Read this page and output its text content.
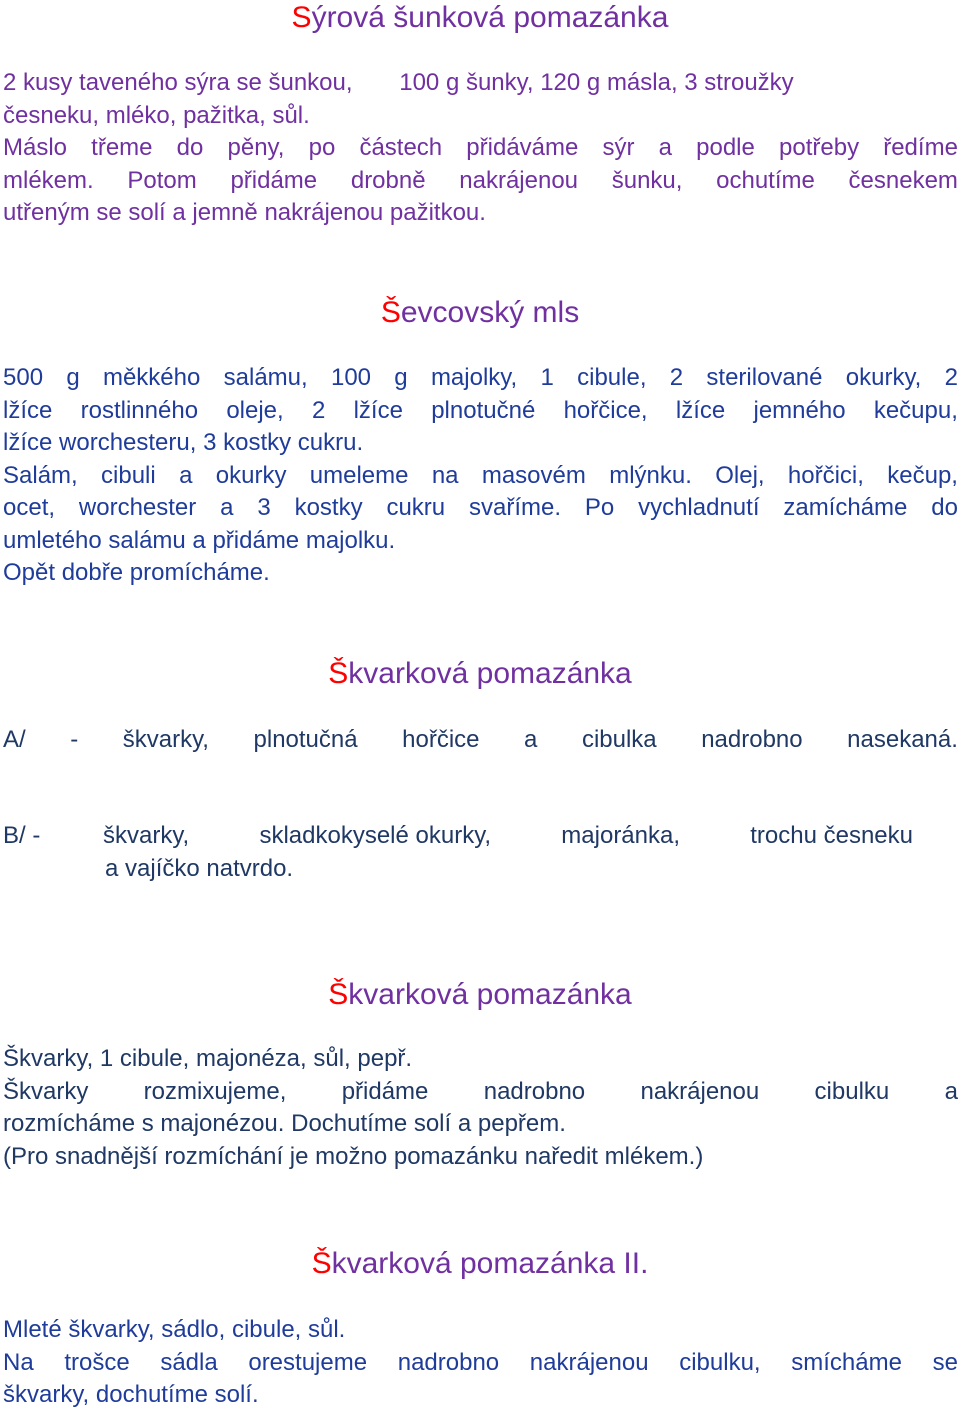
Sýrová šunková pomazánka
2 kusy taveného sýra se šunkou, 100 g šunky, 120 g másla, 3 stroužky
česneku, mléko, pažitka, sůl.
Máslo třeme do pěny, po částech přidáváme sýr a podle potřeby ředíme
mlékem. Potom přidáme drobně nakrájenou šunku, ochutíme česnekem
utřeným se solí a jemně nakrájenou pažitkou.
Ševcovský mls
500 g měkkého salámu, 100 g majolky, 1 cibule, 2 sterilované okurky, 2
lžíce rostlinného oleje, 2 lžíce plnotučné hořčice, lžíce jemného kečupu,
lžíce worchesteru, 3 kostky cukru.
Salám, cibuli a okurky umeleme na masovém mlýnku. Olej, hořčici, kečup,
ocet, worchester a 3 kostky cukru svaříme. Po vychladnutí zamícháme do
umletého salámu a přidáme majolku.
Opět dobře promícháme.
Škvarková pomazánka
A/ - škvarky, plnotučná hořčice a cibulka nadrobno nasekaná.
B/ -	škvarky,	skladkokyselé okurky,	majoránka,	trochu česneku
a vajíčko natvrdo.
Škvarková pomazánka
Škvarky, 1 cibule, majonéza, sůl, pepř.
Škvarky rozmixujeme, přidáme nadrobno nakrájenou cibulku a
rozmícháme s majonézou. Dochutíme solí a pepřem.
(Pro snadnější rozmíchání je možno pomazánku naředit mlékem.)
Škvarková pomazánka II.
Mleté škvarky, sádlo, cibule, sůl.
Na trošce sádla orestujeme nadrobno nakrájenou cibulku, smícháme se
škvarky, dochutíme solí.
